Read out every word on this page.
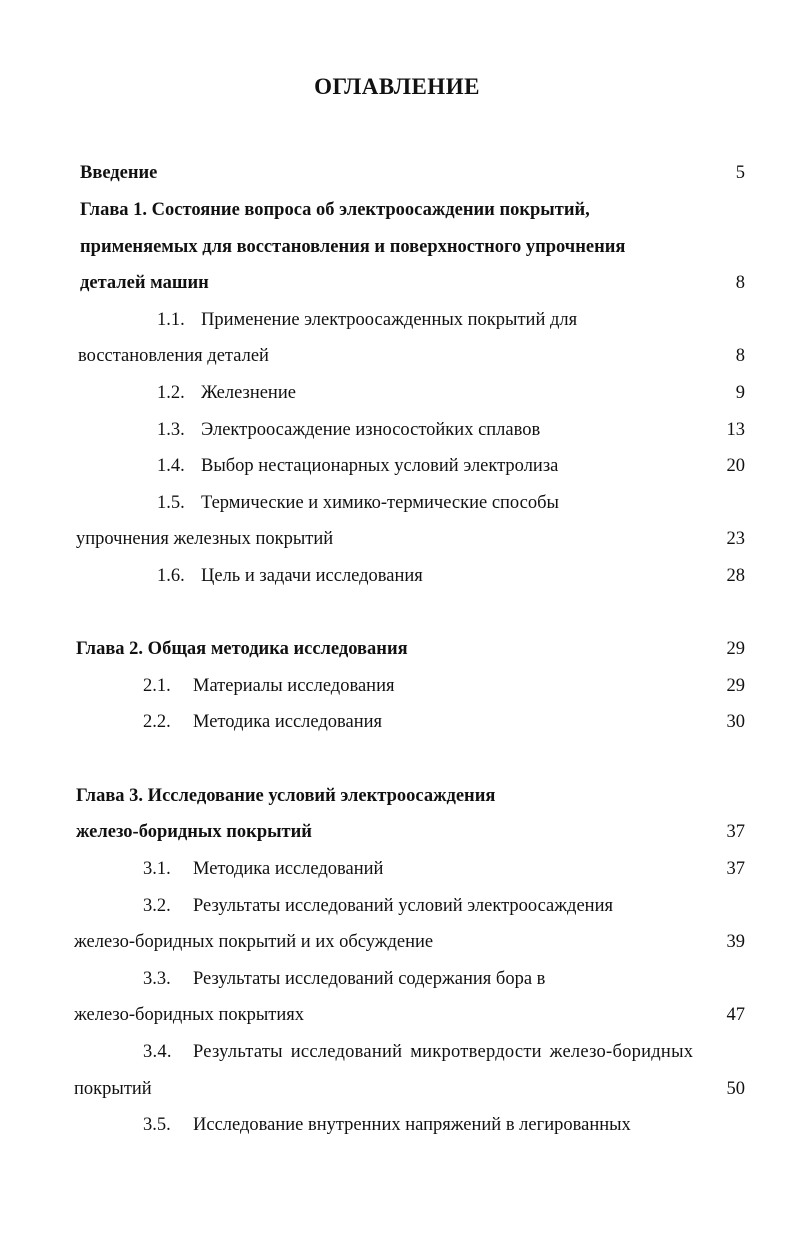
ОГЛАВЛЕНИЕ
Введение	5
Глава 1. Состояние вопроса об электроосаждении покрытий,
применяемых для восстановления и поверхностного упрочнения
деталей машин	8
1.1. Применение электроосажденных покрытий для
восстановления деталей	8
1.2. Железнение	9
1.3. Электроосаждение износостойких сплавов	13
1.4. Выбор нестационарных условий электролиза	20
1.5. Термические и химико-термические способы
упрочнения железных покрытий	23
1.6. Цель и задачи исследования	28
Глава 2. Общая методика исследования	29
2.1. Материалы исследования	29
2.2. Методика исследования	30
Глава 3. Исследование условий электроосаждения
железо-боридных покрытий	37
3.1. Методика исследований	37
3.2. Результаты исследований условий электроосаждения
железо-боридных покрытий и их обсуждение	39
3.3. Результаты исследований содержания бора в
железо-боридных покрытиях	47
3.4. Результаты исследований микротвердости железо-боридных
покрытий	50
3.5. Исследование внутренних напряжений в легированных
